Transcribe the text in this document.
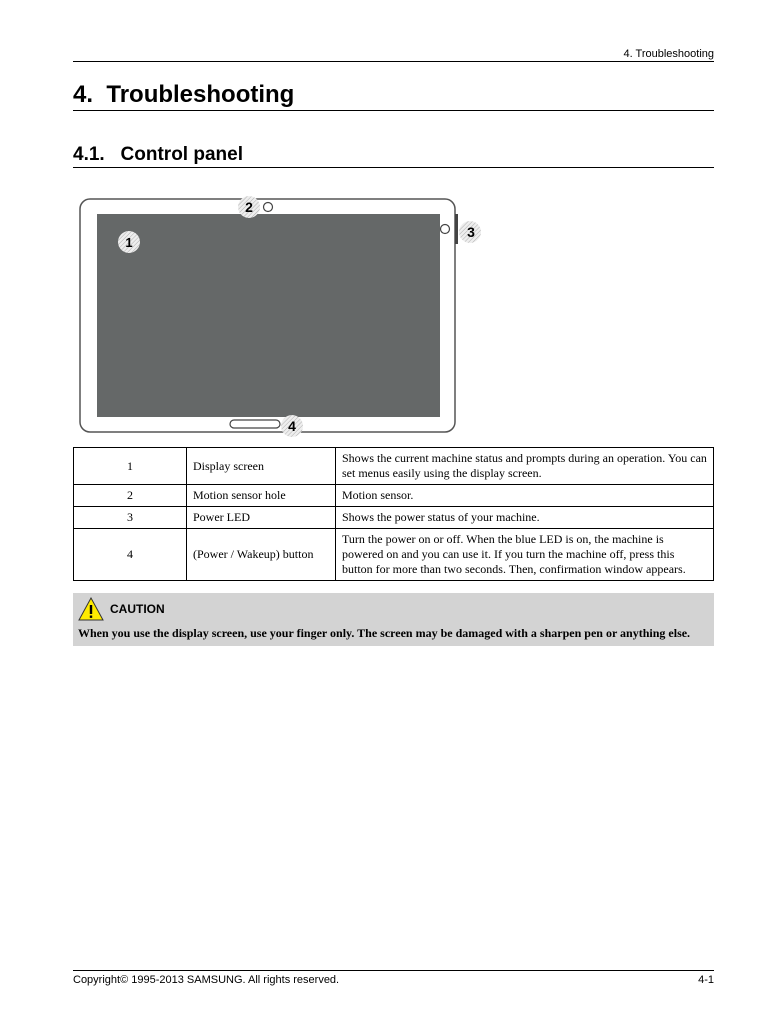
4. Troubleshooting
4. Troubleshooting
4.1. Control panel
1
2
3
4
1	Display screen	Shows the current machine status and prompts during an operation. You can set menus easily using the display screen.
2	Motion sensor hole	Motion sensor.
3	Power LED	Shows the power status of your machine.
4	(Power / Wakeup) button	Turn the power on or off. When the blue LED is on, the machine is powered on and you can use it. If you turn the machine off, press this button for more than two seconds. Then, confirmation window appears.
CAUTION
When you use the display screen, use your finger only. The screen may be damaged with a sharpen pen or anything else.
Copyright© 1995-2013 SAMSUNG. All rights reserved.	4-1
